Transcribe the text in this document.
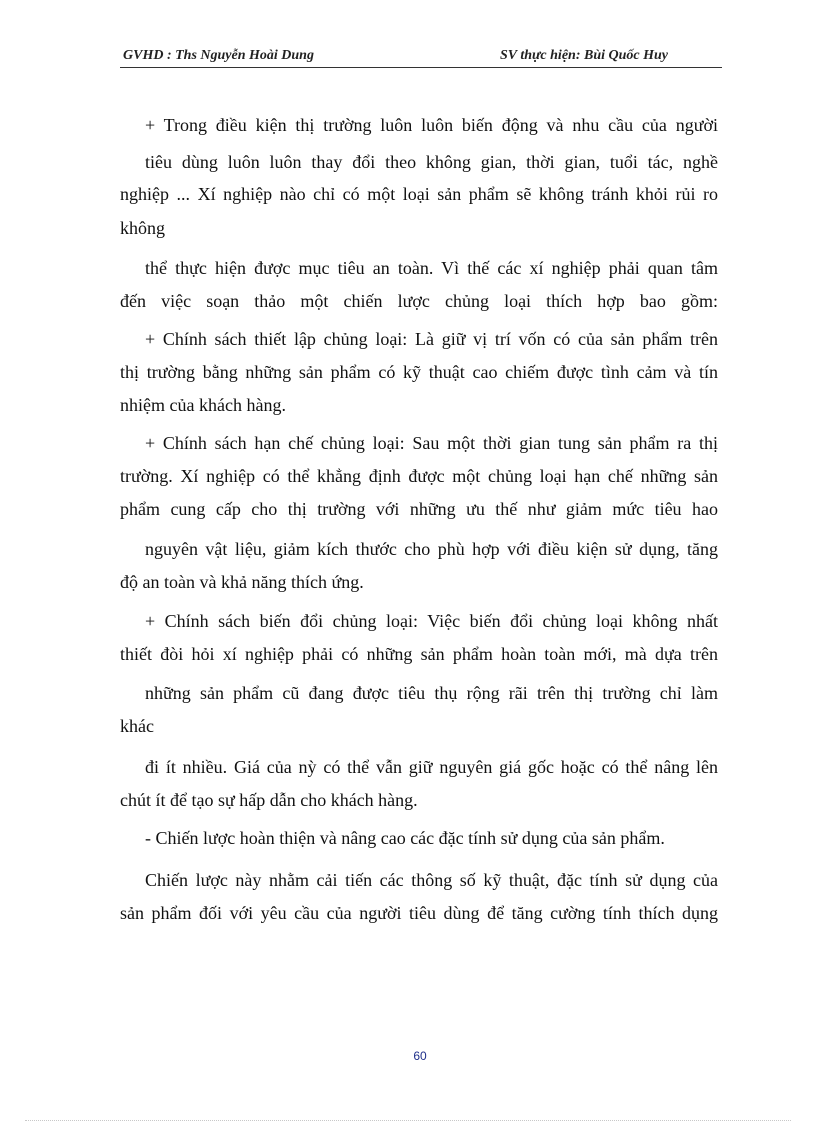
GVHD : Ths Nguyễn Hoài Dung	SV thực hiện: Bùi Quốc Huy
+ Trong điều kiện thị trường luôn luôn biến động và nhu cầu của người
tiêu dùng luôn luôn thay đổi theo không gian, thời gian, tuổi tác, nghề
nghiệp ... Xí nghiệp nào chỉ có một loại sản phẩm sẽ không tránh khỏi rủi ro
không
thể thực hiện được mục tiêu an toàn. Vì thế các xí nghiệp phải quan tâm
đến việc soạn thảo một chiến lược chủng loại thích hợp bao gồm:
+ Chính sách thiết lập chủng loại: Là giữ vị trí vốn có của sản phẩm trên
thị trường bằng những sản phẩm có kỹ thuật cao chiếm được tình cảm và tín
nhiệm của khách hàng.
+ Chính sách hạn chế chủng loại: Sau một thời gian tung sản phẩm ra thị
trường. Xí nghiệp có thể khẳng định được một chủng loại hạn chế những sản
phẩm cung cấp cho thị trường với những ưu thế như giảm mức tiêu hao
nguyên vật liệu, giảm kích thước cho phù hợp với điều kiện sử dụng, tăng
độ an toàn và khả năng thích ứng.
+ Chính sách biến đổi chủng loại: Việc biến đổi chủng loại không nhất
thiết đòi hỏi xí nghiệp phải có những sản phẩm hoàn toàn mới, mà dựa trên
những sản phẩm cũ đang được tiêu thụ rộng rãi trên thị trường chỉ làm
khác
đi ít nhiều. Giá của nỳ có thể vẫn giữ nguyên giá gốc hoặc có thể nâng lên
chút ít để tạo sự hấp dẫn cho khách hàng.
- Chiến lược hoàn thiện và nâng cao các đặc tính sử dụng của sản phẩm.
Chiến lược này nhằm cải tiến các thông số kỹ thuật, đặc tính sử dụng của
sản phẩm đối với yêu cầu của người tiêu dùng để tăng cường tính thích dụng
60
